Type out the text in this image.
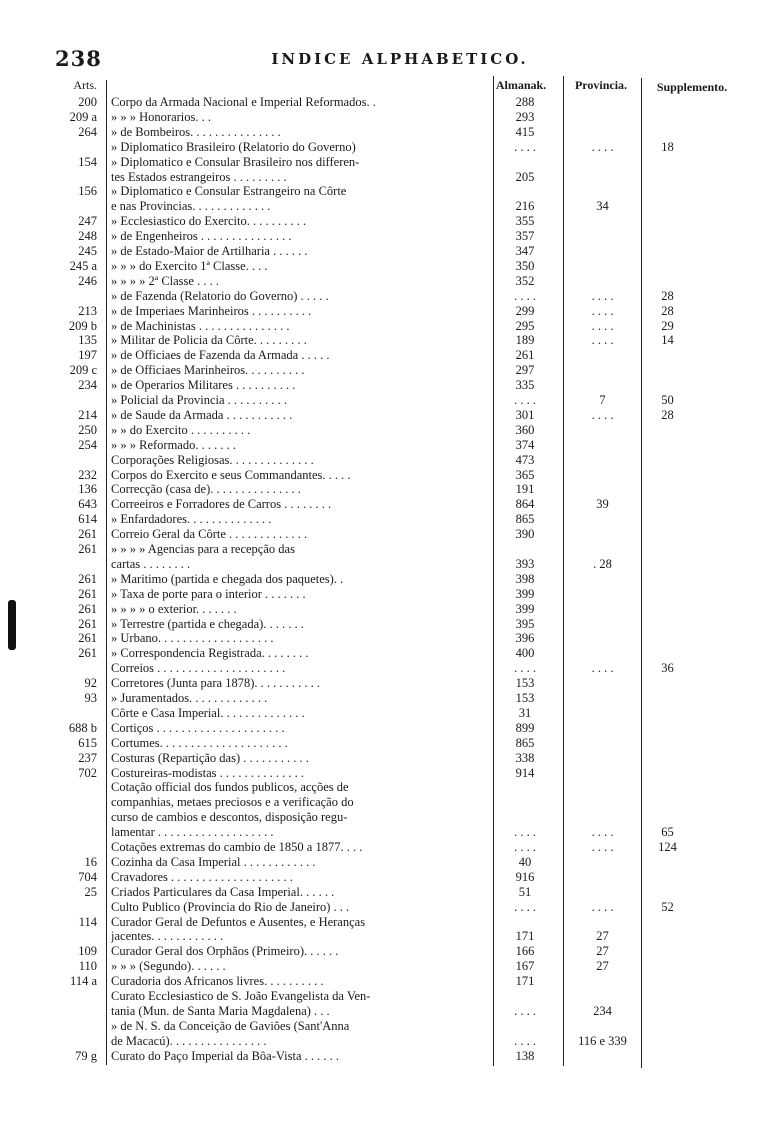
238	INDICE ALPHABETICO.
Arts.	Almanak.	Provincia.	Supplemento.
200 Corpo da Armada Nacional e Imperial Reformados. .	288
209 a » » » Honorarios. . .	293
264 » de Bombeiros. . . . . . . . . . . . . . .	415
» Diplomatico Brasileiro (Relatorio do Governo)	. . . .	. . . .	18
154 » Diplomatico e Consular Brasileiro nos differen-
tes Estados estrangeiros . . . . . . . . .	205
156 » Diplomatico e Consular Estrangeiro na Côrte
e nas Provincias. . . . . . . . . . . . .	216	34
247 » Ecclesiastico do Exercito. . . . . . . . . .	355
248 » de Engenheiros . . . . . . . . . . . . . . .	357
245 » de Estado-Maior de Artilharia . . . . . .	347
245 a » » » do Exercito 1ª Classe. . . .	350
246 » » » » 2ª Classe . . . .	352
» de Fazenda (Relatorio do Governo) . . . . .	. . . .	. . . .	28
213 » de Imperiaes Marinheiros . . . . . . . . . .	299	. . . .	28
209 b » de Machinistas . . . . . . . . . . . . . . .	295	. . . .	29
135 » Militar de Policia da Côrte. . . . . . . . .	189	. . . .	14
197 » de Officiaes de Fazenda da Armada . . . . .	261
209 c » de Officiaes Marinheiros. . . . . . . . . .	297
234 » de Operarios Militares . . . . . . . . . .	335
» Policial da Provincia . . . . . . . . . .	. . . .	7	50
214 » de Saude da Armada . . . . . . . . . . .	301	. . . .	28
250 » » do Exercito . . . . . . . . . .	360
254 » » » Reformado. . . . . . .	374
Corporações Religiosas. . . . . . . . . . . . . .	473
232 Corpos do Exercito e seus Commandantes. . . . .	365
136 Correcção (casa de). . . . . . . . . . . . . . .	191
643 Correeiros e Forradores de Carros . . . . . . . .	864	39
614 » Enfardadores. . . . . . . . . . . . . .	865
261 Correio Geral da Côrte . . . . . . . . . . . . .	390
261 » » » » Agencias para a recepção das
cartas . . . . . . . .	393	. 28
261 » Maritimo (partida e chegada dos paquetes). .	398
261 » Taxa de porte para o interior . . . . . . .	399
261 » » » » o exterior. . . . . . .	399
261 » Terrestre (partida e chegada). . . . . . .	395
261 » Urbano. . . . . . . . . . . . . . . . . . .	396
261 » Correspondencia Registrada. . . . . . . .	400
Correios . . . . . . . . . . . . . . . . . . . . .	. . . .	. . . .	36
92 Corretores (Junta para 1878). . . . . . . . . . .	153
93 » Juramentados. . . . . . . . . . . . .	153
Côrte e Casa Imperial. . . . . . . . . . . . . .	31
688 b Cortiços . . . . . . . . . . . . . . . . . . . . .	899
615 Cortumes. . . . . . . . . . . . . . . . . . . . .	865
237 Costuras (Repartição das) . . . . . . . . . . .	338
702 Costureiras-modistas . . . . . . . . . . . . . .	914
Cotação official dos fundos publicos, acções de
companhias, metaes preciosos e a verificação do
curso de cambios e descontos, disposição regu-
lamentar . . . . . . . . . . . . . . . . . . .	. . . .	. . . .	65
Cotações extremas do cambio de 1850 a 1877. . . .	. . . .	. . . .	124
16 Cozinha da Casa Imperial . . . . . . . . . . . .	40
704 Cravadores . . . . . . . . . . . . . . . . . . . .	916
25 Criados Particulares da Casa Imperial. . . . . .	51
Culto Publico (Provincia do Rio de Janeiro) . . .	. . . .	. . . .	52
114 Curador Geral de Defuntos e Ausentes, e Heranças
jacentes. . . . . . . . . . . .	171	27
109 Curador Geral dos Orphãos (Primeiro). . . . . .	166	27
110 » » » (Segundo). . . . . .	167	27
114 a Curadoria dos Africanos livres. . . . . . . . . .	171
Curato Ecclesiastico de S. João Evangelista da Ven-
tania (Mun. de Santa Maria Magdalena) . . .	. . . .	234
» de N. S. da Conceição de Gaviões (Sant'Anna
de Macacú). . . . . . . . . . . . . . . .	. . . .	116 e 339
79 g Curato do Paço Imperial da Bôa-Vista . . . . . .	138
